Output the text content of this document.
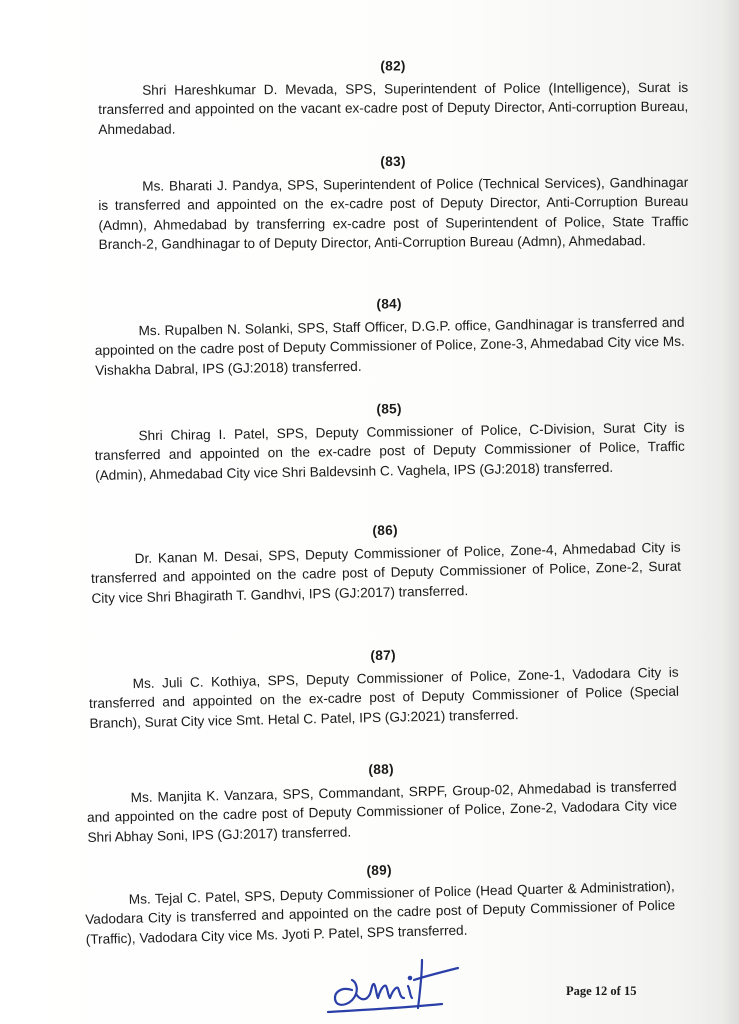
(82)
Shri Hareshkumar D. Mevada, SPS, Superintendent of Police (Intelligence), Surat is transferred and appointed on the vacant ex-cadre post of Deputy Director, Anti-corruption Bureau, Ahmedabad.
(83)
Ms. Bharati J. Pandya, SPS, Superintendent of Police (Technical Services), Gandhinagar is transferred and appointed on the ex-cadre post of Deputy Director, Anti-Corruption Bureau (Admn), Ahmedabad by transferring ex-cadre post of Superintendent of Police, State Traffic Branch-2, Gandhinagar to of Deputy Director, Anti-Corruption Bureau (Admn), Ahmedabad.
(84)
Ms. Rupalben N. Solanki, SPS, Staff Officer, D.G.P. office, Gandhinagar is transferred and appointed on the cadre post of Deputy Commissioner of Police, Zone-3, Ahmedabad City vice Ms. Vishakha Dabral, IPS (GJ:2018) transferred.
(85)
Shri Chirag I. Patel, SPS, Deputy Commissioner of Police, C-Division, Surat City is transferred and appointed on the ex-cadre post of Deputy Commissioner of Police, Traffic (Admin), Ahmedabad City vice Shri Baldevsinh C. Vaghela, IPS (GJ:2018) transferred.
(86)
Dr. Kanan M. Desai, SPS, Deputy Commissioner of Police, Zone-4, Ahmedabad City is transferred and appointed on the cadre post of Deputy Commissioner of Police, Zone-2, Surat City vice Shri Bhagirath T. Gandhvi, IPS (GJ:2017) transferred.
(87)
Ms. Juli C. Kothiya, SPS, Deputy Commissioner of Police, Zone-1, Vadodara City is transferred and appointed on the ex-cadre post of Deputy Commissioner of Police (Special Branch), Surat City vice Smt. Hetal C. Patel, IPS (GJ:2021) transferred.
(88)
Ms. Manjita K. Vanzara, SPS, Commandant, SRPF, Group-02, Ahmedabad is transferred and appointed on the cadre post of Deputy Commissioner of Police, Zone-2, Vadodara City vice Shri Abhay Soni, IPS (GJ:2017) transferred.
(89)
Ms. Tejal C. Patel, SPS, Deputy Commissioner of Police (Head Quarter & Administration), Vadodara City is transferred and appointed on the cadre post of Deputy Commissioner of Police (Traffic), Vadodara City vice Ms. Jyoti P. Patel, SPS transferred.
Page 12 of 15
